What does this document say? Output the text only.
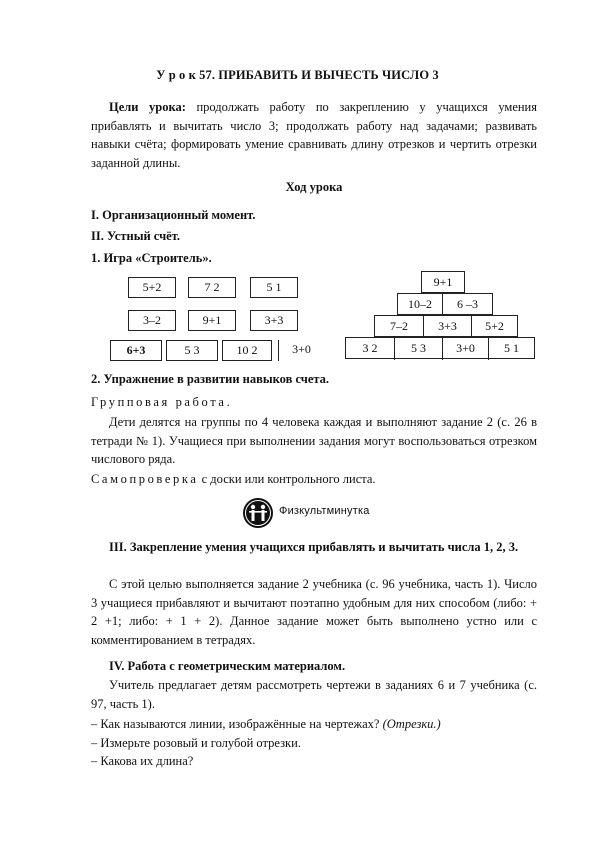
У р о к 57. ПРИБАВИТЬ И ВЫЧЕСТЬ ЧИСЛО 3

Цели урока: продолжать работу по закреплению у учащихся умения прибавлять и вычитать число 3; продолжать работу над задачами; развивать навыки счёта; формировать умение сравнивать длину отрезков и чертить отрезки заданной длины.

Ход урока
I. Организационный момент.
II. Устный счёт.
1. Игра «Строитель».
5+2	7 2	5 1
3–2	9+1	3+3
6+3	5 3	10 2	3+0
9+1
10–2	6 –3
7–2	3+3	5+2
3 2	5 3	3+0	5 1
2. Упражнение в развитии навыков счета.
Групповая работа.

Дети делятся на группы по 4 человека каждая и выполняют задание 2 (с. 26 в тетради № 1). Учащиеся при выполнении задания могут воспользоваться отрезком числового ряда.

Самопроверка с доски или контрольного листа.
Физкультминутка

III. Закрепление умения учащихся прибавлять и вычитать числа 1, 2, 3.

С этой целью выполняется задание 2 учебника (с. 96 учебника, часть 1). Число 3 учащиеся прибавляют и вычитают поэтапно удобным для них способом (либо: + 2 +1; либо: + 1 + 2). Данное задание может быть выполнено устно или с комментированием в тетрадях.

IV. Работа с геометрическим материалом.

Учитель предлагает детям рассмотреть чертежи в заданиях 6 и 7 учебника (с. 97, часть 1).

– Как называются линии, изображённые на чертежах? (Отрезки.)
– Измерьте розовый и голубой отрезки.
– Какова их длина?
